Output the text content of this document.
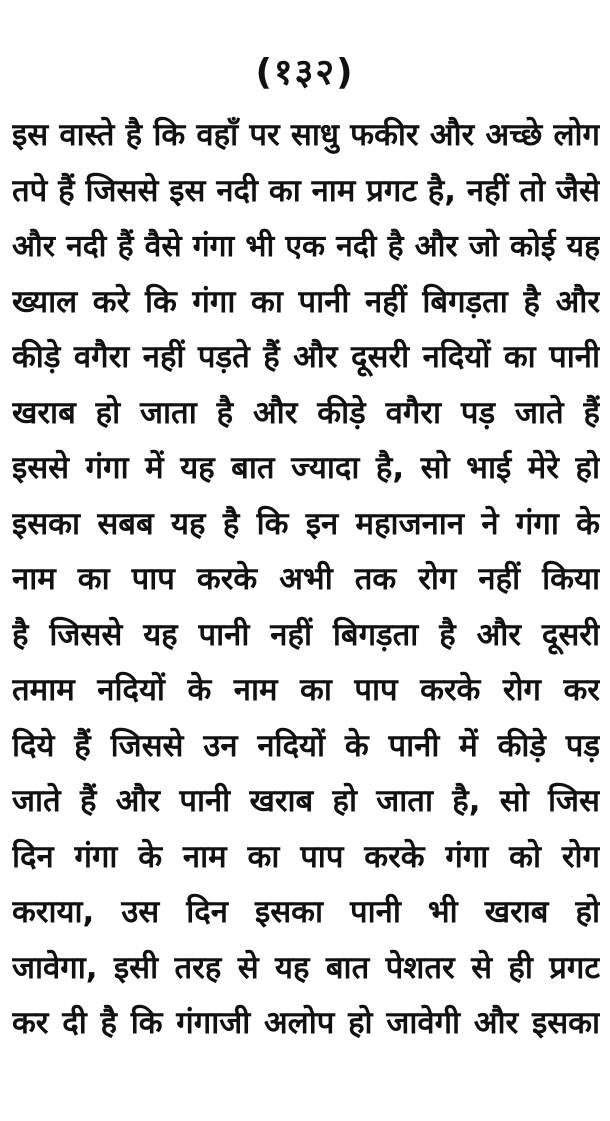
(१३२)
इस वास्ते है कि वहाँ पर साधु फकीर और अच्छे लोग
तपे हैं जिससे इस नदी का नाम प्रगट है, नहीं तो जैसे
और नदी हैं वैसे गंगा भी एक नदी है और जो कोई यह
ख्याल करे कि गंगा का पानी नहीं बिगड़ता है और
कीड़े वगैरा नहीं पड़ते हैं और दूसरी नदियों का पानी
खराब हो जाता है और कीड़े वगैरा पड़ जाते हैं
इससे गंगा में यह बात ज्यादा है, सो भाई मेरे हो
इसका सबब यह है कि इन महाजनान ने गंगा के
नाम का पाप करके अभी तक रोग नहीं किया
है जिससे यह पानी नहीं बिगड़ता है और दूसरी
तमाम नदियों के नाम का पाप करके रोग कर
दिये हैं जिससे उन नदियों के पानी में कीड़े पड़
जाते हैं और पानी खराब हो जाता है, सो जिस
दिन गंगा के नाम का पाप करके गंगा को रोग
कराया, उस दिन इसका पानी भी खराब हो
जावेगा, इसी तरह से यह बात पेशतर से ही प्रगट
कर दी है कि गंगाजी अलोप हो जावेगी और इसका
